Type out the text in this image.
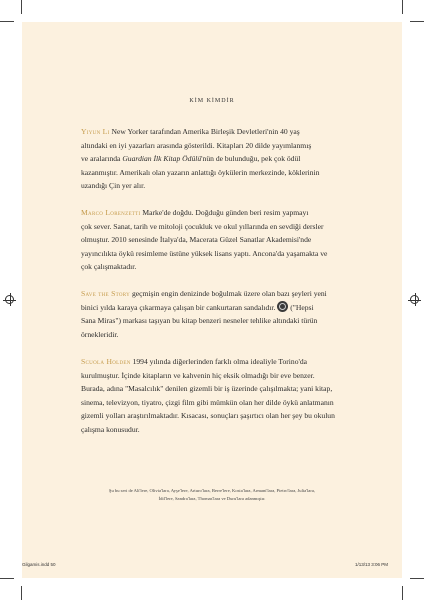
KİM KİMDİR
Yiyun Li New Yorker tarafından Amerika Birleşik Devletleri'nin 40 yaş
altındaki en iyi yazarları arasında gösterildi. Kitapları 20 dilde yayımlanmış
ve aralarında Guardian İlk Kitap Ödülü'nün de bulunduğu, pek çok ödül
kazanmıştır. Amerikalı olan yazarın anlattığı öykülerin merkezinde, köklerinin
uzandığı Çin yer alır.
Marco Lorenzetti Marke'de doğdu. Doğduğu günden beri resim yapmayı
çok sever. Sanat, tarih ve mitoloji çocukluk ve okul yıllarında en sevdiği dersler
olmuştur. 2010 senesinde İtalya'da, Macerata Güzel Sanatlar Akademisi'nde
yayıncılıkta öykü resimleme üstüne yüksek lisans yaptı. Ancona'da yaşamakta ve
çok çalışmaktadır.
Save the Story geçmişin engin denizinde boğulmak üzere olan bazı şeyleri yeni
binici yılda karaya çıkarmaya çalışan bir cankurtaran sandalıdır. ("Hepsi
Sana Miras") markası taşıyan bu kitap benzeri nesneler tehlike altındaki türün
örnekleridir.
Scuola Holden 1994 yılında diğerlerinden farklı olma idealiyle Torino'da
kurulmuştur. İçinde kitapların ve kahvenin hiç eksik olmadığı bir eve benzer.
Burada, adına "Masalcılık" denilen gizemli bir iş üzerinde çalışılmakta; yani kitap,
sinema, televizyon, tiyatro, çizgi film gibi mümkün olan her dilde öykü anlatmanın
gizemli yolları araştırılmaktadır. Kısacası, sonuçları şaşırtıcı olan her şey bu okulun
çalışma konusudur.
Şu bu seri de Ali'lere, Olivia'lara, Ayşe'lere, Arturo'lara, Berre'lere, Kosta'lara, Armani'lara, Pietro'lara, Julia'lara,
İdil'lere, Sandra'lara, Thomas'lara ve Duru'lara adanmıştır.
Gilgamis.indd 50	1/13/13 3:06 PM
